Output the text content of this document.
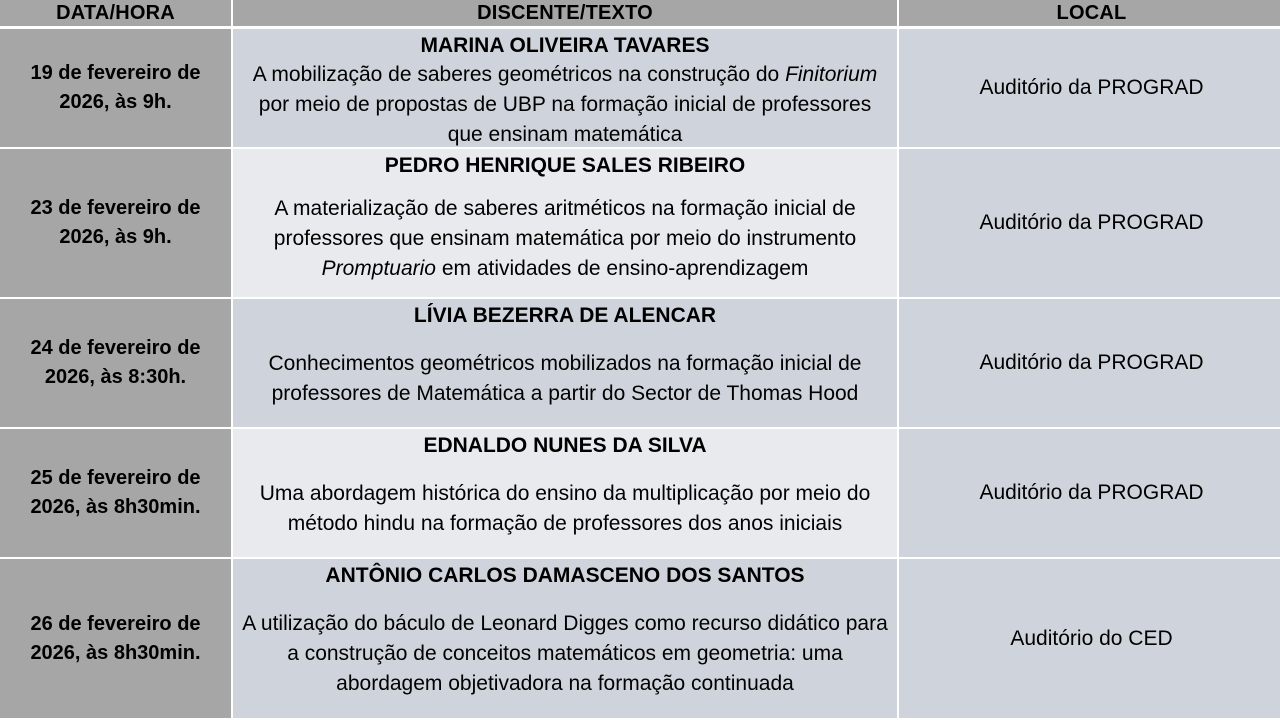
DATA/HORA	DISCENTE/TEXTO	LOCAL
19 de fevereiro de 2026, às 9h.
MARINA OLIVEIRA TAVARES
A mobilização de saberes geométricos na construção do Finitorium por meio de propostas de UBP na formação inicial de professores que ensinam matemática
Auditório da PROGRAD
23 de fevereiro de 2026, às 9h.
PEDRO HENRIQUE SALES RIBEIRO
A materialização de saberes aritméticos na formação inicial de professores que ensinam matemática por meio do instrumento Promptuario em atividades de ensino-aprendizagem
Auditório da PROGRAD
24 de fevereiro de 2026, às 8:30h.
LÍVIA BEZERRA DE ALENCAR
Conhecimentos geométricos mobilizados na formação inicial de professores de Matemática a partir do Sector de Thomas Hood
Auditório da PROGRAD
25 de fevereiro de 2026, às 8h30min.
EDNALDO NUNES DA SILVA
Uma abordagem histórica do ensino da multiplicação por meio do método hindu na formação de professores dos anos iniciais
Auditório da PROGRAD
26 de fevereiro de 2026, às 8h30min.
ANTÔNIO CARLOS DAMASCENO DOS SANTOS
A utilização do báculo de Leonard Digges como recurso didático para a construção de conceitos matemáticos em geometria: uma abordagem objetivadora na formação continuada
Auditório do CED
